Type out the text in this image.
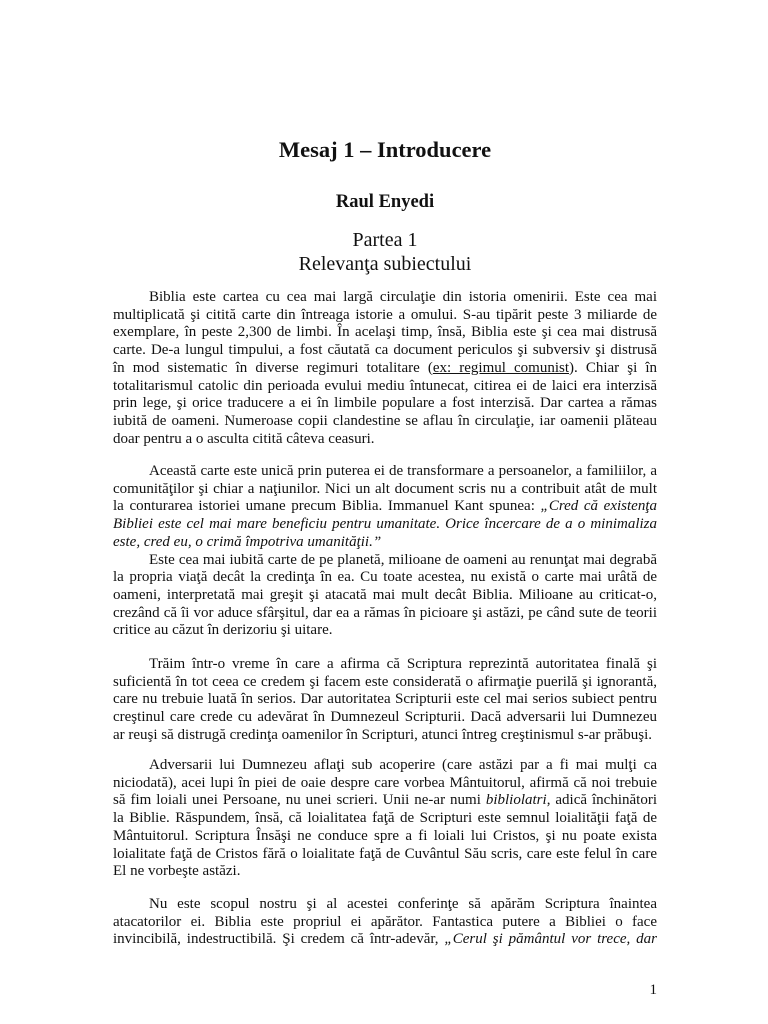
Mesaj 1 – Introducere
Raul Enyedi
Partea 1
Relevanţa subiectului
Biblia este cartea cu cea mai largă circulaţie din istoria omenirii. Este cea mai
multiplicată şi citită carte din întreaga istorie a omului. S-au tipărit peste 3 miliarde de
exemplare, în peste 2,300 de limbi. În acelaşi timp, însă, Biblia este şi cea mai distrusă
carte. De-a lungul timpului, a fost căutată ca document periculos şi subversiv şi distrusă
în mod sistematic în diverse regimuri totalitare (ex: regimul comunist). Chiar şi în
totalitarismul catolic din perioada evului mediu întunecat, citirea ei de laici era interzisă
prin lege, şi orice traducere a ei în limbile populare a fost interzisă. Dar cartea a rămas
iubită de oameni. Numeroase copii clandestine se aflau în circulaţie, iar oamenii plăteau
doar pentru a o asculta citită câteva ceasuri.
Această carte este unică prin puterea ei de transformare a persoanelor, a familiilor, a
comunităţilor şi chiar a naţiunilor. Nici un alt document scris nu a contribuit atât de mult
la conturarea istoriei umane precum Biblia. Immanuel Kant spunea: „Cred că existenţa
Bibliei este cel mai mare beneficiu pentru umanitate. Orice încercare de a o minimaliza
este, cred eu, o crimă împotriva umanităţii.”
Este cea mai iubită carte de pe planetă, milioane de oameni au renunţat mai degrabă
la propria viaţă decât la credinţa în ea. Cu toate acestea, nu există o carte mai urâtă de
oameni, interpretată mai greşit şi atacată mai mult decât Biblia. Milioane au criticat-o,
crezând că îi vor aduce sfârşitul, dar ea a rămas în picioare şi astăzi, pe când sute de teorii
critice au căzut în derizoriu şi uitare.
Trăim într-o vreme în care a afirma că Scriptura reprezintă autoritatea finală şi
suficientă în tot ceea ce credem şi facem este considerată o afirmaţie puerilă şi ignorantă,
care nu trebuie luată în serios. Dar autoritatea Scripturii este cel mai serios subiect pentru
creştinul care crede cu adevărat în Dumnezeul Scripturii. Dacă adversarii lui Dumnezeu
ar reuşi să distrugă credinţa oamenilor în Scripturi, atunci întreg creştinismul s-ar prăbuşi.
Adversarii lui Dumnezeu aflaţi sub acoperire (care astăzi par a fi mai mulţi ca
niciodată), acei lupi în piei de oaie despre care vorbea Mântuitorul, afirmă că noi trebuie
să fim loiali unei Persoane, nu unei scrieri. Unii ne-ar numi bibliolatri, adică închinători
la Biblie. Răspundem, însă, că loialitatea faţă de Scripturi este semnul loialităţii faţă de
Mântuitorul. Scriptura Însăşi ne conduce spre a fi loiali lui Cristos, şi nu poate exista
loialitate faţă de Cristos fără o loialitate faţă de Cuvântul Său scris, care este felul în care
El ne vorbeşte astăzi.
Nu este scopul nostru şi al acestei conferinţe să apărăm Scriptura înaintea
atacatorilor ei. Biblia este propriul ei apărător. Fantastica putere a Bibliei o face
invincibilă, indestructibilă. Şi credem că într-adevăr, „Cerul şi pământul vor trece, dar
1
